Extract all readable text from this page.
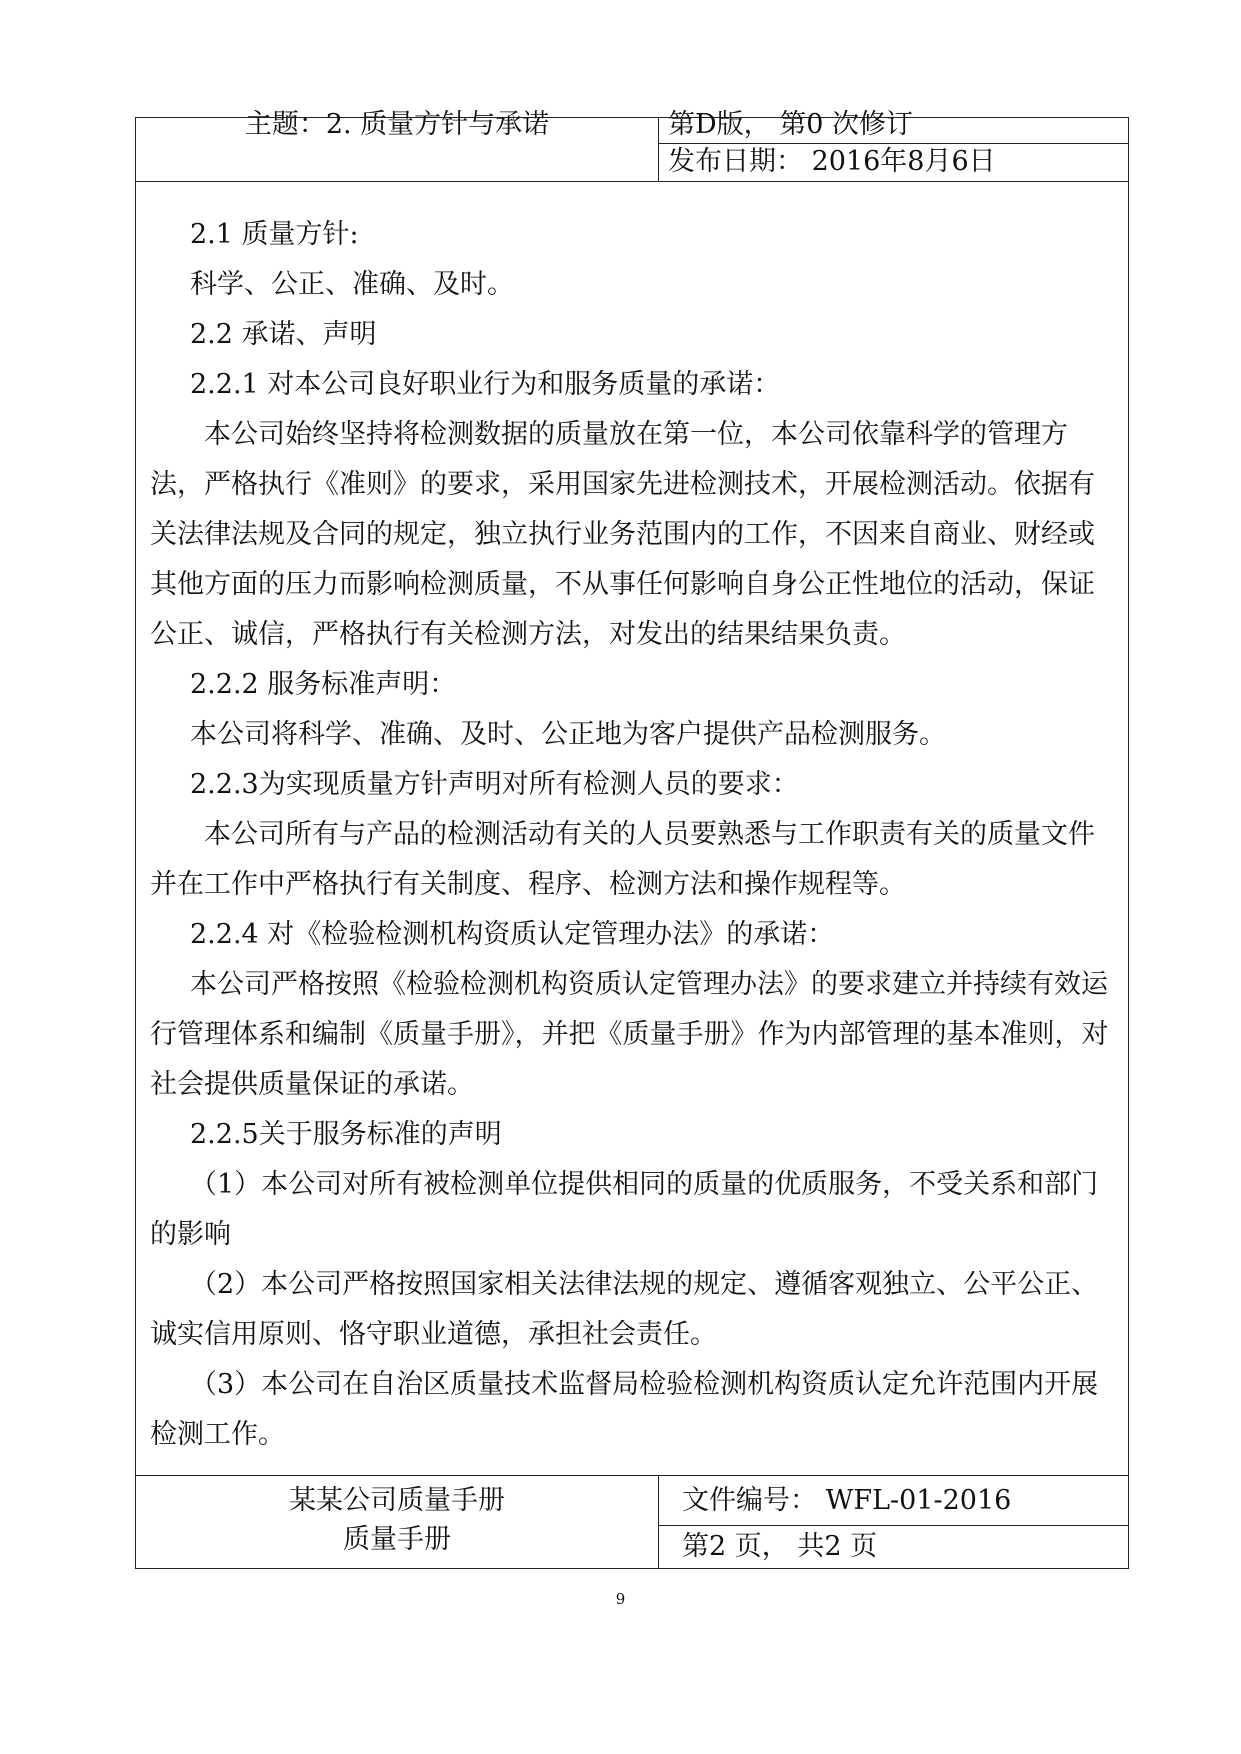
主题：2. 质量方针与承诺	第D版， 第0 次修订
发布日期： 2016年8月6日

2.1 质量方针:

科学、公正、准确、及时。

2.2 承诺、声明

2.2.1 对本公司良好职业行为和服务质量的承诺：

本公司始终坚持将检测数据的质量放在第一位，本公司依靠科学的管理方法，严格执行《准则》的要求，采用国家先进检测技术，开展检测活动。依据有关法律法规及合同的规定，独立执行业务范围内的工作，不因来自商业、财经或其他方面的压力而影响检测质量，不从事任何影响自身公正性地位的活动，保证公正、诚信，严格执行有关检测方法，对发出的结果结果负责。

2.2.2 服务标准声明：

本公司将科学、准确、及时、公正地为客户提供产品检测服务。

2.2.3为实现质量方针声明对所有检测人员的要求：

本公司所有与产品的检测活动有关的人员要熟悉与工作职责有关的质量文件并在工作中严格执行有关制度、程序、检测方法和操作规程等。

2.2.4 对《检验检测机构资质认定管理办法》的承诺：

本公司严格按照《检验检测机构资质认定管理办法》的要求建立并持续有效运行管理体系和编制《质量手册》，并把《质量手册》作为内部管理的基本准则，对社会提供质量保证的承诺。

2.2.5关于服务标准的声明

（1）本公司对所有被检测单位提供相同的质量的优质服务，不受关系和部门的影响

（2）本公司严格按照国家相关法律法规的规定、遵循客观独立、公平公正、诚实信用原则、恪守职业道德，承担社会责任。

（3）本公司在自治区质量技术监督局检验检测机构资质认定允许范围内开展检测工作。

某某公司质量手册
质量手册
文件编号： WFL-01-2016
第2 页， 共2 页
9
